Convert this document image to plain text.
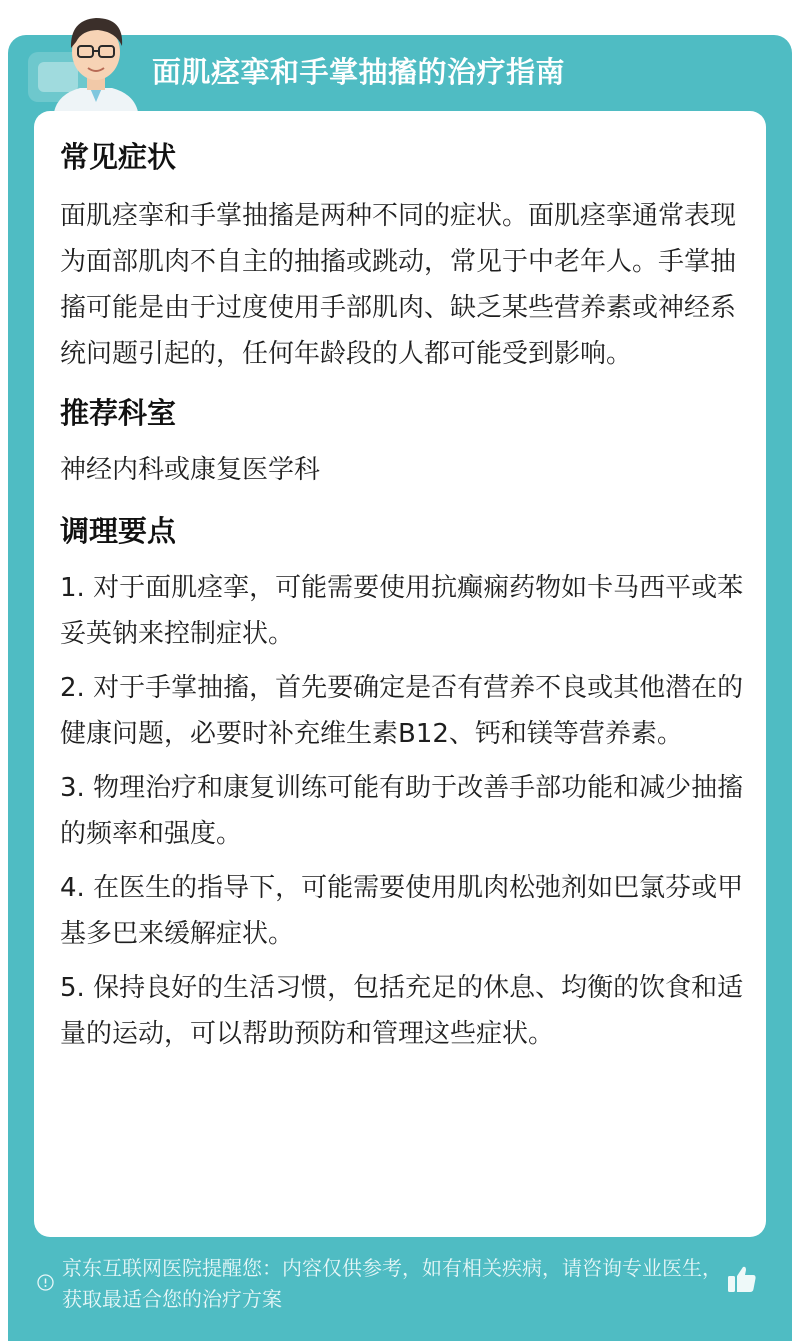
面肌痉挛和手掌抽搐的治疗指南
常见症状

面肌痉挛和手掌抽搐是两种不同的症状。面肌痉挛通常表现为面部肌肉不自主的抽搐或跳动，常见于中老年人。手掌抽搐可能是由于过度使用手部肌肉、缺乏某些营养素或神经系统问题引起的，任何年龄段的人都可能受到影响。

推荐科室

神经内科或康复医学科

调理要点

1. 对于面肌痉挛，可能需要使用抗癫痫药物如卡马西平或苯妥英钠来控制症状。

2. 对于手掌抽搐，首先要确定是否有营养不良或其他潜在的健康问题，必要时补充维生素B12、钙和镁等营养素。

3. 物理治疗和康复训练可能有助于改善手部功能和减少抽搐的频率和强度。

4. 在医生的指导下，可能需要使用肌肉松弛剂如巴氯芬或甲基多巴来缓解症状。

5. 保持良好的生活习惯，包括充足的休息、均衡的饮食和适量的运动，可以帮助预防和管理这些症状。

京东互联网医院提醒您：内容仅供参考，如有相关疾病，请咨询专业医生，获取最适合您的治疗方案
